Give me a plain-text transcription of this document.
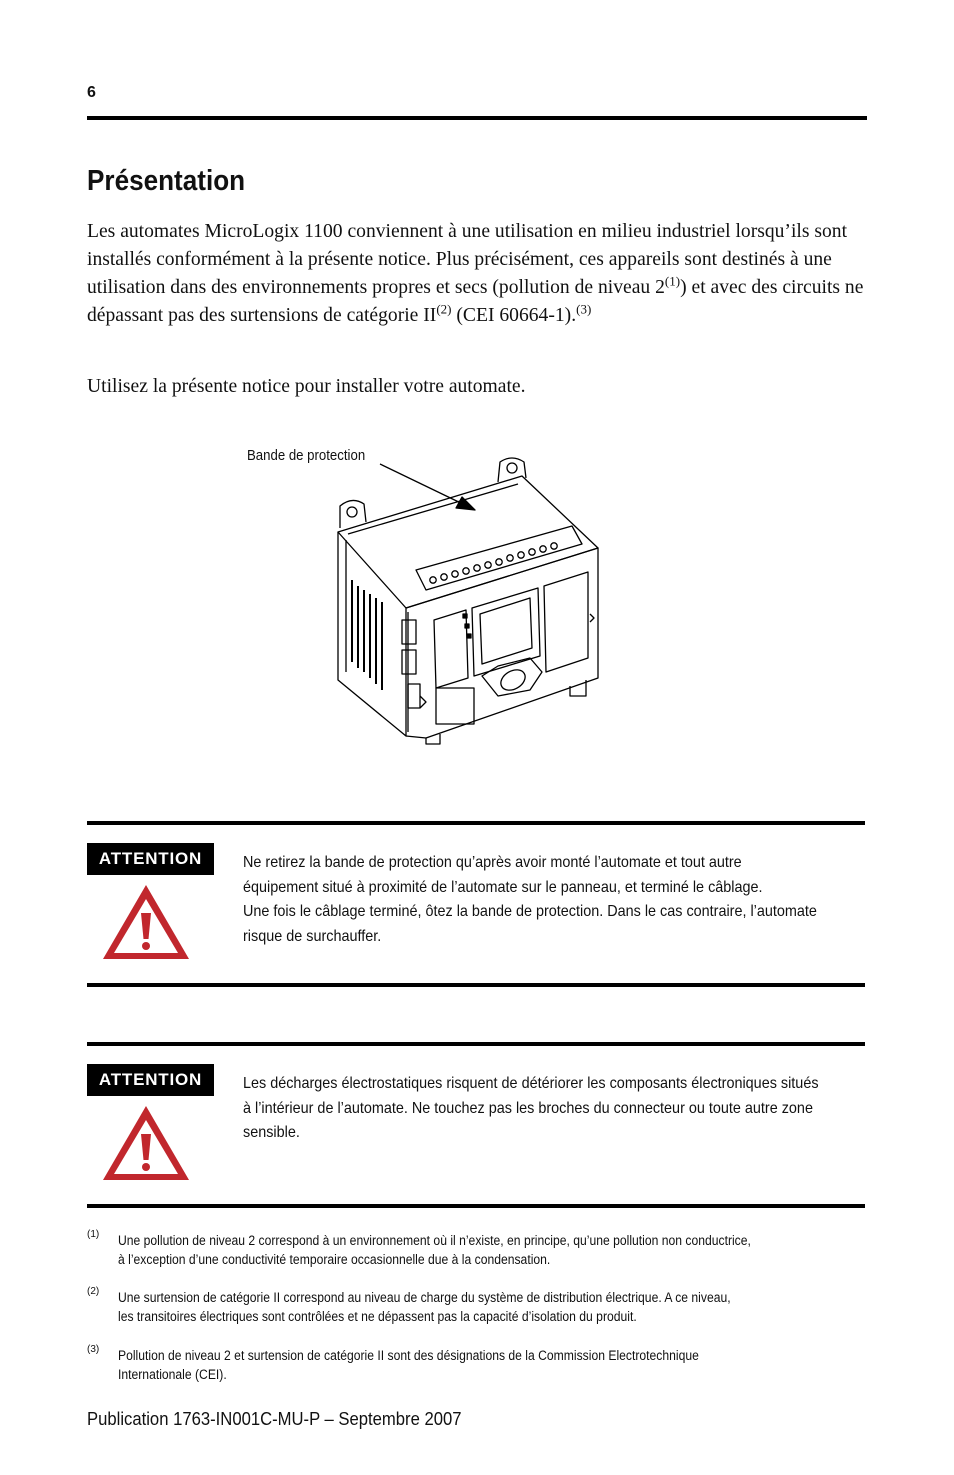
6
Présentation

Les automates MicroLogix 1100 conviennent à une utilisation en milieu industriel lorsqu’ils sont installés conformément à la présente notice. Plus précisément, ces appareils sont destinés à une utilisation dans des environnements propres et secs (pollution de niveau 2$^{(1)}$) et avec des circuits ne dépassant pas des surtensions de catégorie II$^{(2)}$ (CEI 60664-1).$^{(3)}$

Utilisez la présente notice pour installer votre automate.

Bande de protection
ATTENTION	Ne retirez la bande de protection qu’après avoir monté l’automate et tout autre
équipement situé à proximité de l’automate sur le panneau, et terminé le câblage.
Une fois le câblage terminé, ôtez la bande de protection. Dans le cas contraire, l’automate
risque de surchauffer.

ATTENTION	Les décharges électrostatiques risquent de détériorer les composants électroniques situés
à l’intérieur de l’automate. Ne touchez pas les broches du connecteur ou toute autre zone
sensible.

(1) Une pollution de niveau 2 correspond à un environnement où il n’existe, en principe, qu’une pollution non conductrice,
à l’exception d’une conductivité temporaire occasionnelle due à la condensation.
(2) Une surtension de catégorie II correspond au niveau de charge du système de distribution électrique. A ce niveau,
les transitoires électriques sont contrôlées et ne dépassent pas la capacité d’isolation du produit.
(3) Pollution de niveau 2 et surtension de catégorie II sont des désignations de la Commission Electrotechnique
Internationale (CEI).
Publication 1763-IN001C-MU-P – Septembre 2007
